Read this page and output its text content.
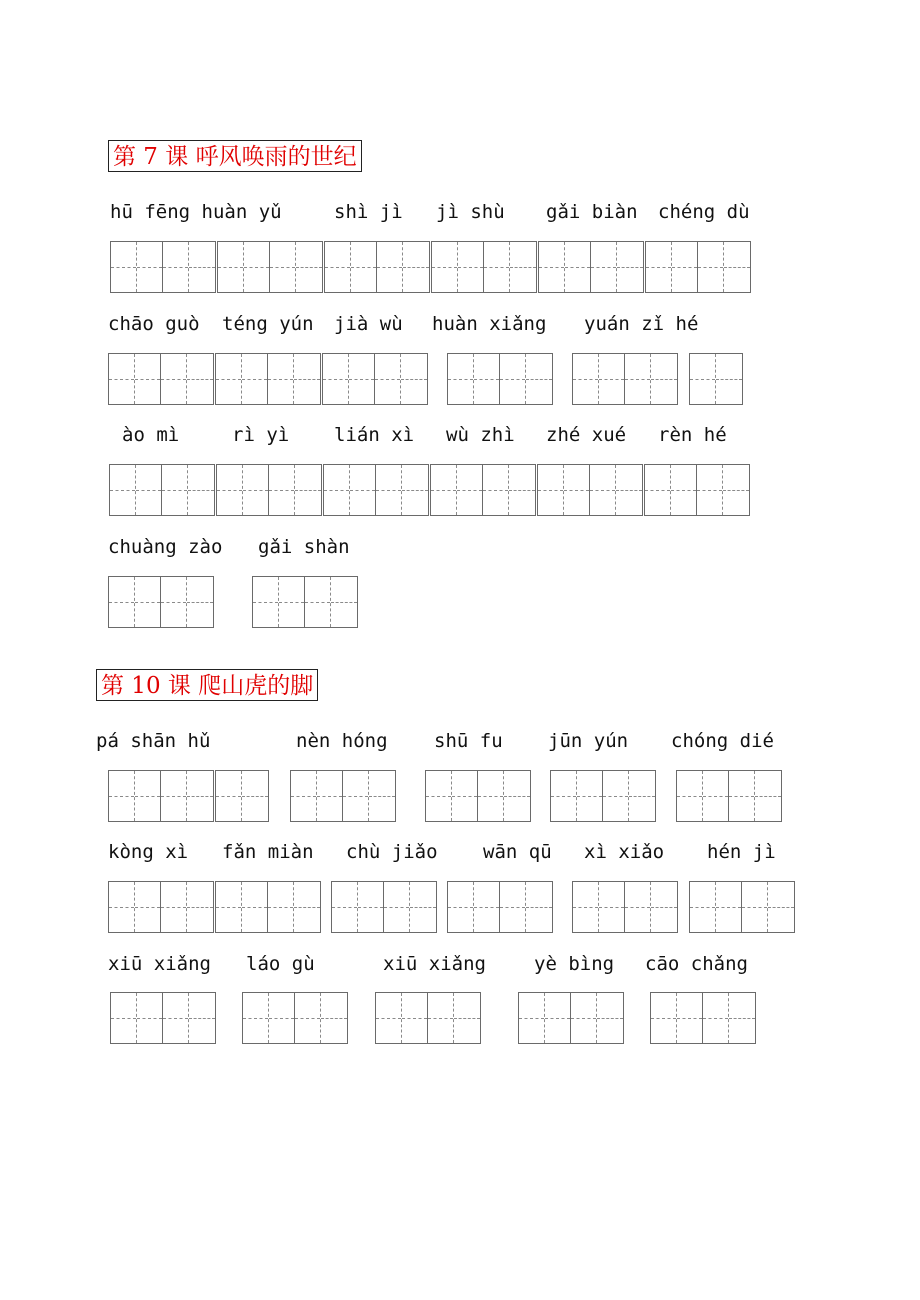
第 7 课 呼风唤雨的世纪
hū fēng huàn yǔ	shì jì jì shù gǎi biàn chéng dù
chāo guò téng yún jià wù huàn xiǎng yuán zǐ hé
ào mì	rì yì lián xì wù zhì zhé xué rèn hé
chuàng zào gǎi shàn
第 10 课 爬山虎的脚
pá shān hǔ	nèn hóng shū fu jūn yún chóng dié
kòng xì fǎn miàn chù jiǎo wān qū xì xiǎo hén jì
xiū xiǎng láo gù	xiū xiǎng	yè bìng cāo chǎng
